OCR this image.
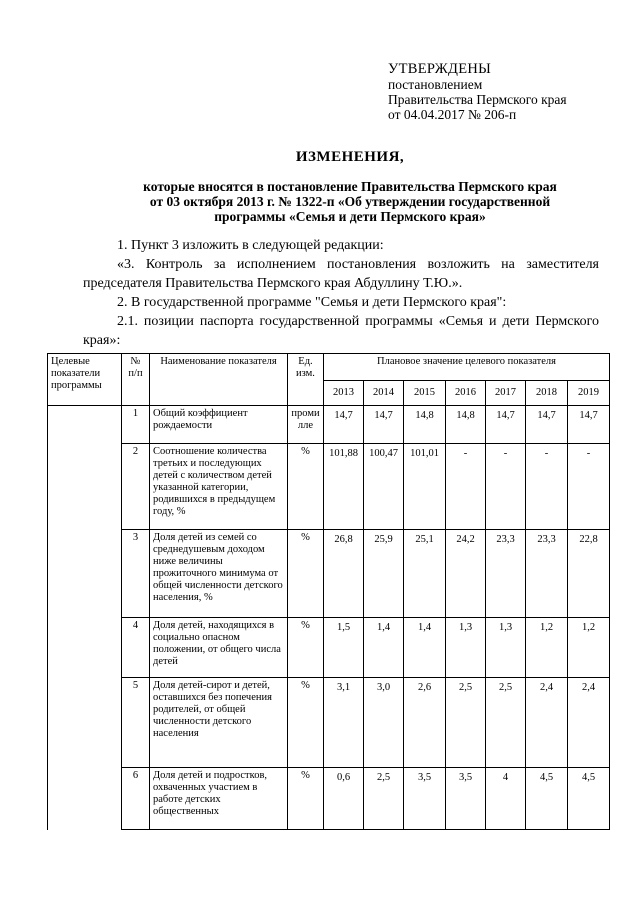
УТВЕРЖДЕНЫ
постановлением
Правительства Пермского края
от 04.04.2017 № 206-п
ИЗМЕНЕНИЯ,
которые вносятся в постановление Правительства Пермского края
от 03 октября 2013 г. № 1322-п «Об утверждении государственной
программы «Семья и дети Пермского края»

1. Пункт 3 изложить в следующей редакции:

«3. Контроль за исполнением постановления возложить на заместителя председателя Правительства Пермского края Абдуллину Т.Ю.».

2. В государственной программе "Семья и дети Пермского края":

2.1. позиции паспорта государственной программы «Семья и дети Пермского края»:

Целевые показатели программы	№ п/п	Наименование показателя	Ед. изм.	Плановое значение целевого показателя						
				2013	2014	2015	2016	2017	2018	2019
	1	Общий коэффициент рождаемости	проми лле	14,7	14,7	14,8	14,8	14,7	14,7	14,7
	2	Соотношение количества третьих и последующих детей с количеством детей указанной категории, родившихся в предыдущем году, %	%	101,88	100,47	101,01	-	-	-	-
	3	Доля детей из семей со среднедушевым доходом ниже величины прожиточного минимума от общей численности детского населения, %	%	26,8	25,9	25,1	24,2	23,3	23,3	22,8
	4	Доля детей, находящихся в социально опасном положении, от общего числа детей	%	1,5	1,4	1,4	1,3	1,3	1,2	1,2
	5	Доля детей-сирот и детей, оставшихся без попечения родителей, от общей численности детского населения	%	3,1	3,0	2,6	2,5	2,5	2,4	2,4
	6	Доля детей и подростков, охваченных участием в работе детских общественных	%	0,6	2,5	3,5	3,5	4	4,5	4,5
